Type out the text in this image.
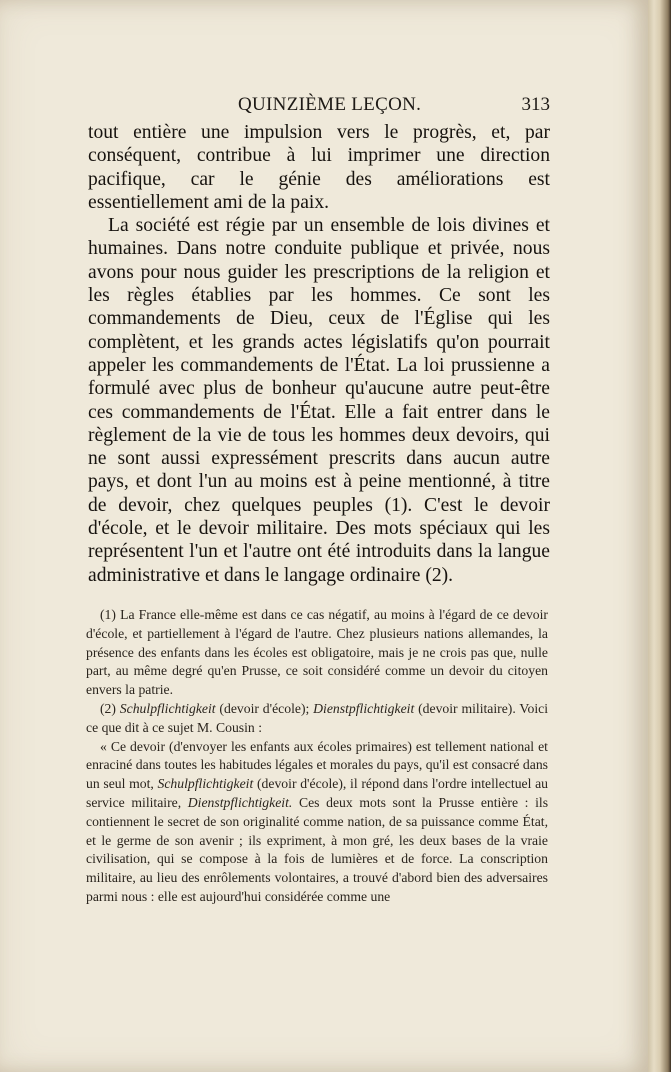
QUINZIÈME LEÇON.	313

tout entière une impulsion vers le progrès, et, par conséquent, contribue à lui imprimer une direction pacifique, car le génie des améliorations est essentiellement ami de la paix.

La société est régie par un ensemble de lois divines et humaines. Dans notre conduite publique et privée, nous avons pour nous guider les prescriptions de la religion et les règles établies par les hommes. Ce sont les commandements de Dieu, ceux de l'Église qui les complètent, et les grands actes législatifs qu'on pourrait appeler les commandements de l'État. La loi prussienne a formulé avec plus de bonheur qu'aucune autre peut-être ces commandements de l'État. Elle a fait entrer dans le règlement de la vie de tous les hommes deux devoirs, qui ne sont aussi expressément prescrits dans aucun autre pays, et dont l'un au moins est à peine mentionné, à titre de devoir, chez quelques peuples (1). C'est le devoir d'école, et le devoir militaire. Des mots spéciaux qui les représentent l'un et l'autre ont été introduits dans la langue administrative et dans le langage ordinaire (2).

(1) La France elle-même est dans ce cas négatif, au moins à l'égard de ce devoir d'école, et partiellement à l'égard de l'autre. Chez plusieurs nations allemandes, la présence des enfants dans les écoles est obligatoire, mais je ne crois pas que, nulle part, au même degré qu'en Prusse, ce soit considéré comme un devoir du citoyen envers la patrie.

(2) Schulpflichtigkeit (devoir d'école); Dienstpflichtigkeit (devoir militaire). Voici ce que dit à ce sujet M. Cousin :

« Ce devoir (d'envoyer les enfants aux écoles primaires) est tellement national et enraciné dans toutes les habitudes légales et morales du pays, qu'il est consacré dans un seul mot, Schulpflichtigkeit (devoir d'école), il répond dans l'ordre intellectuel au service militaire, Dienstpflichtigkeit. Ces deux mots sont la Prusse entière : ils contiennent le secret de son originalité comme nation, de sa puissance comme État, et le germe de son avenir ; ils expriment, à mon gré, les deux bases de la vraie civilisation, qui se compose à la fois de lumières et de force. La conscription militaire, au lieu des enrôlements volontaires, a trouvé d'abord bien des adversaires parmi nous : elle est aujourd'hui considérée comme une
